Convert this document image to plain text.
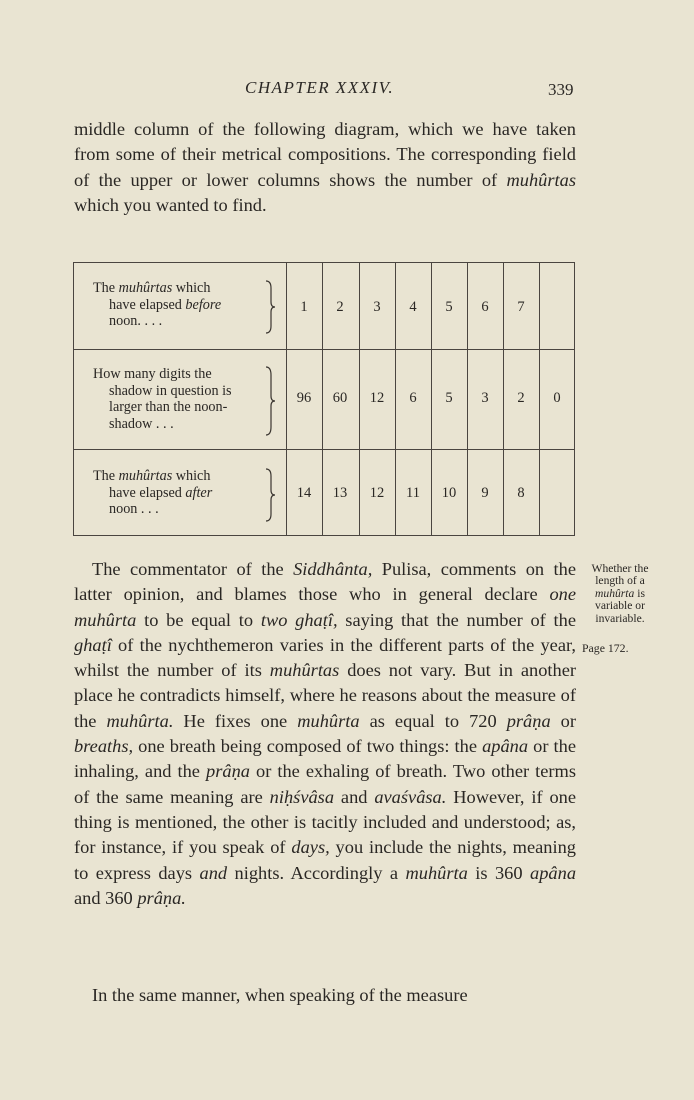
CHAPTER XXXIV.	339
middle column of the following diagram, which we have taken from some of their metrical compositions. The corresponding field of the upper or lower columns shows the number of muhûrtas which you wanted to find.
The muhûrtas which
have elapsed before
noon. . . .
1	2	3	4	5	6	7
How many digits the
shadow in question is
larger than the noon-
shadow . . .
96	60	12	6	5	3	2	0
The muhûrtas which
have elapsed after
noon . . .
14	13	12	11	10	9	8
The commentator of the Siddhânta, Pulisa, comments on the latter opinion, and blames those who in general declare one muhûrta to be equal to two ghaṭî, saying that the number of the ghaṭî of the nychthemeron varies in the different parts of the year, whilst the number of its muhûrtas does not vary. But in another place he contradicts himself, where he reasons about the measure of the muhûrta. He fixes one muhûrta as equal to 720 prâṇa or breaths, one breath being composed of two things: the apâna or the inhaling, and the prâṇa or the exhaling of breath. Two other terms of the same meaning are niḥśvâsa and avaśvâsa. However, if one thing is mentioned, the other is tacitly included and understood; as, for instance, if you speak of days, you include the nights, meaning to express days and nights. Accordingly a muhûrta is 360 apâna and 360 prâṇa.
In the same manner, when speaking of the measure
Whether the length of a muhûrta is variable or invariable.
Page 172.
